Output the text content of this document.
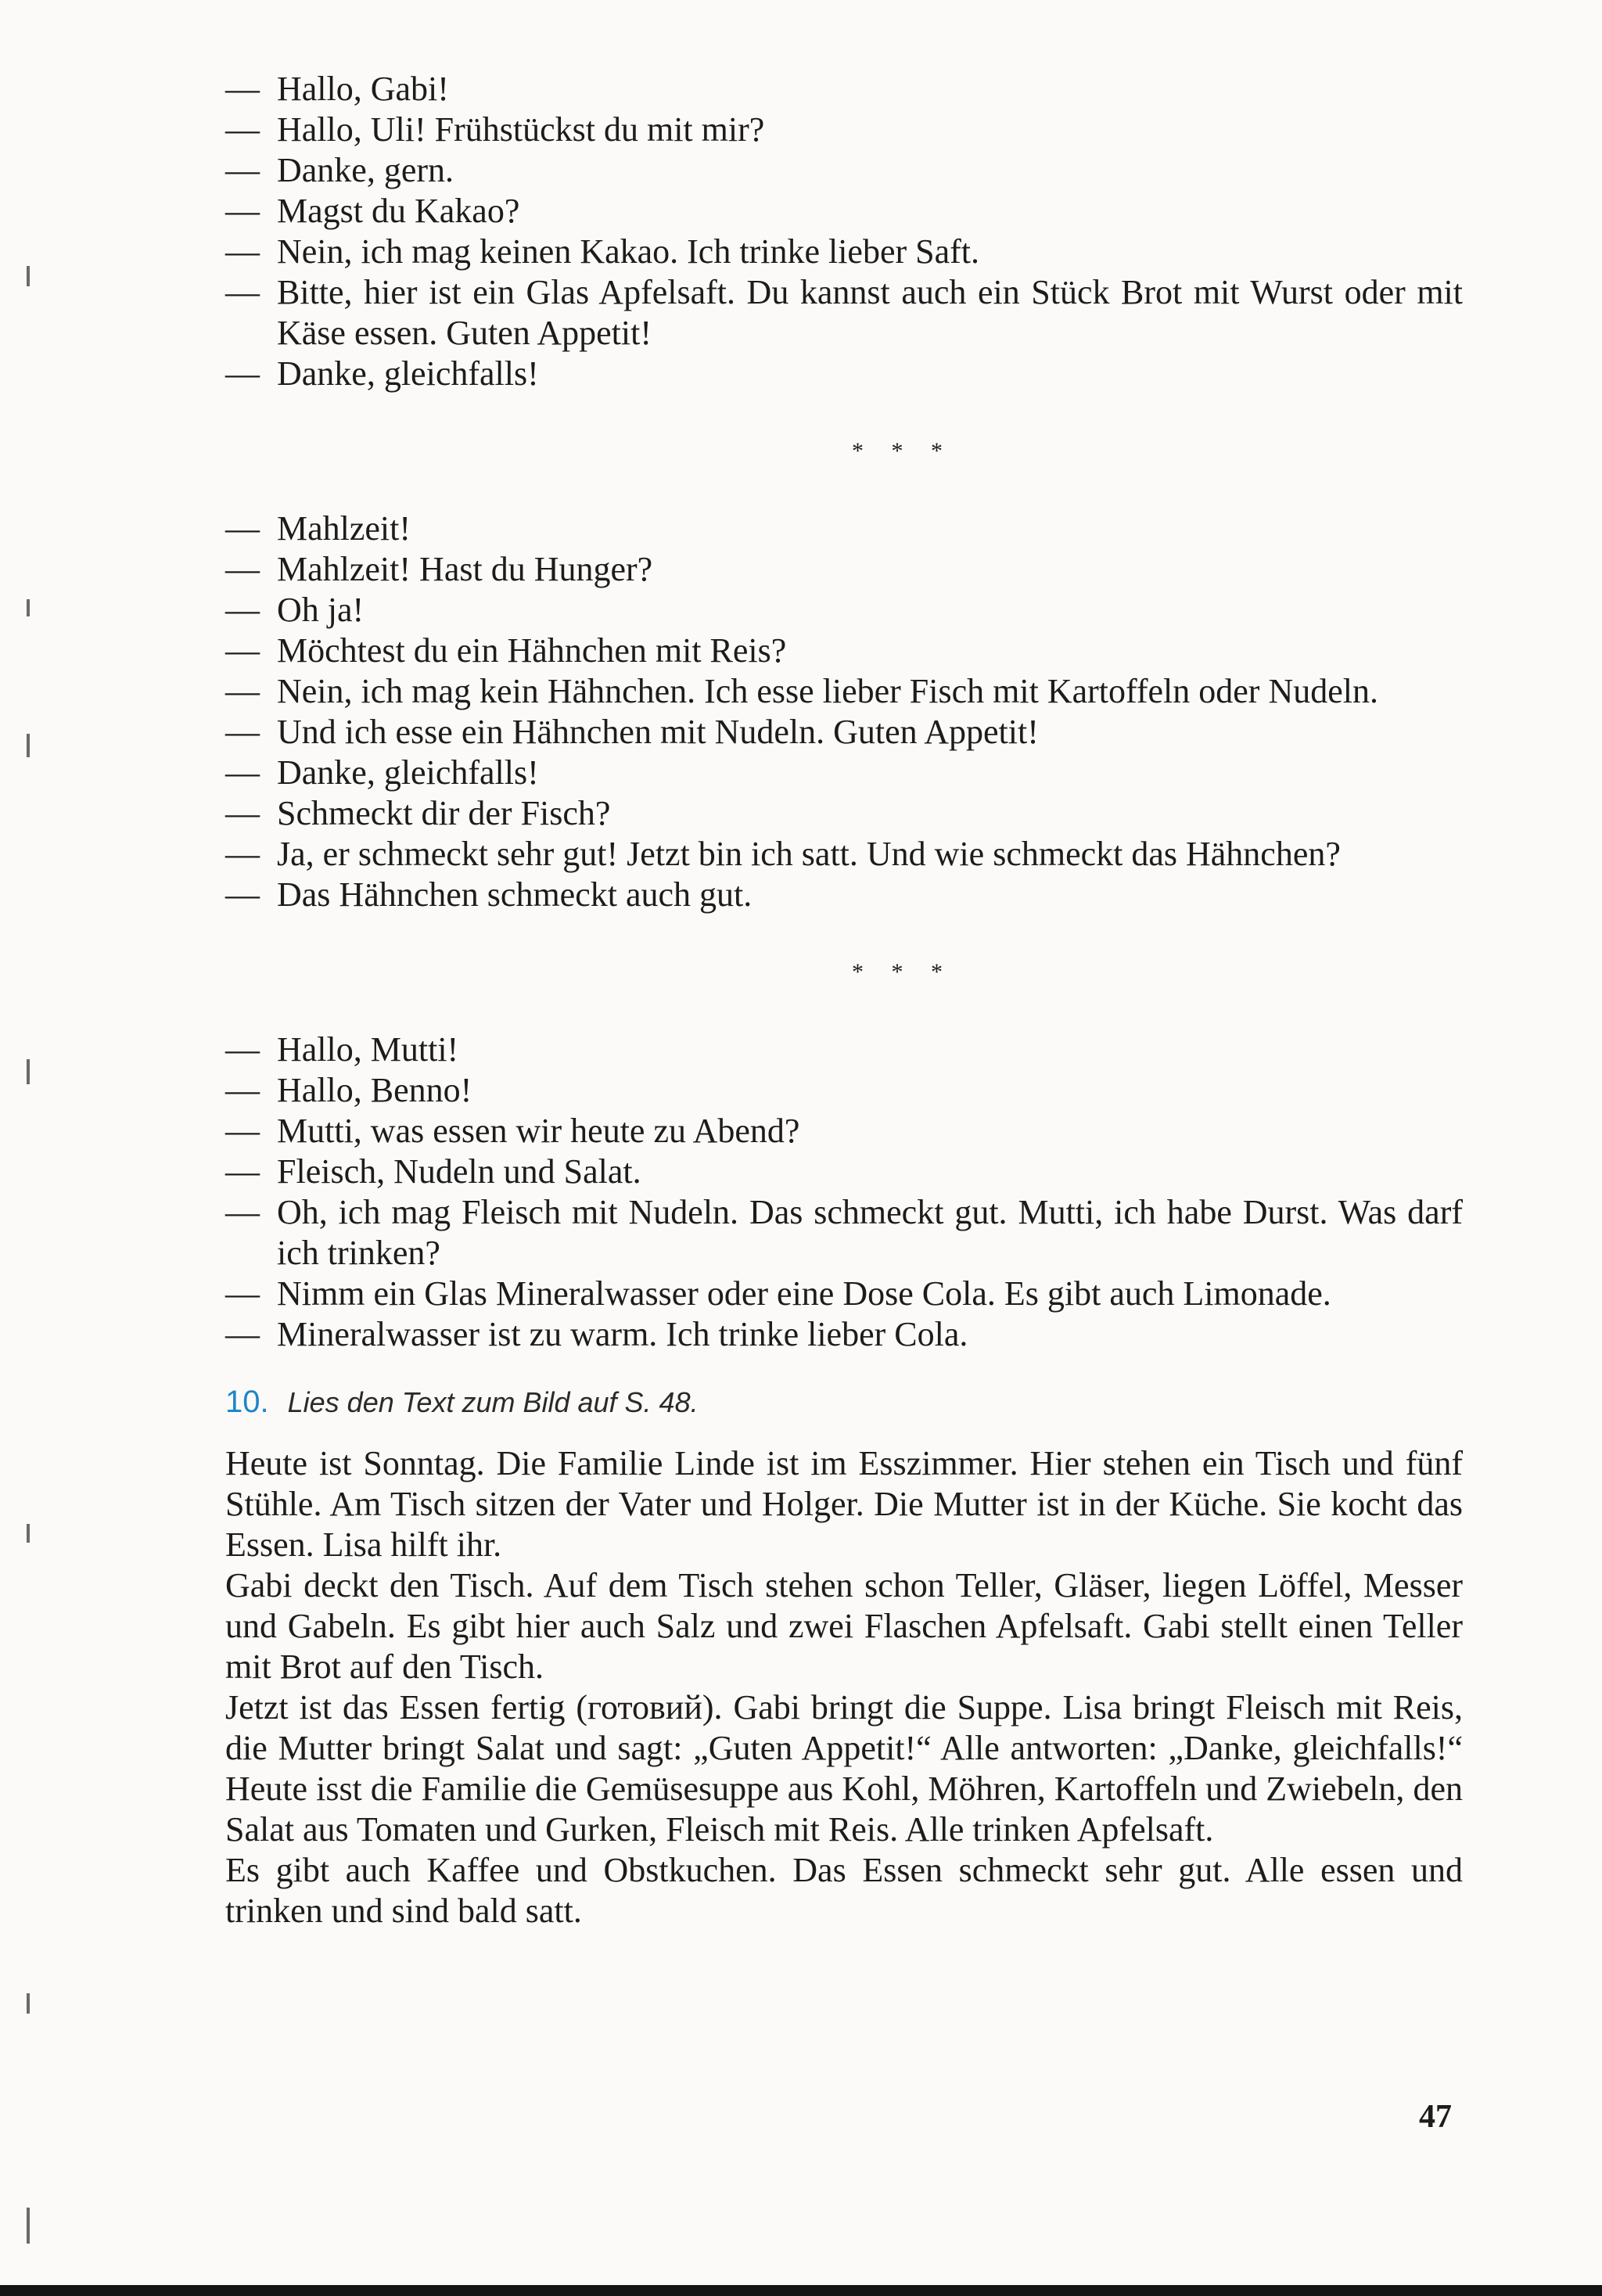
— Hallo, Gabi!

— Hallo, Uli! Frühstückst du mit mir?

— Danke, gern.

— Magst du Kakao?

— Nein, ich mag keinen Kakao. Ich trinke lieber Saft.

— Bitte, hier ist ein Glas Apfelsaft. Du kannst auch ein Stück Brot mit Wurst oder mit Käse essen. Guten Appetit!

— Danke, gleichfalls!

* * *

— Mahlzeit!

— Mahlzeit! Hast du Hunger?

— Oh ja!

— Möchtest du ein Hähnchen mit Reis?

— Nein, ich mag kein Hähnchen. Ich esse lieber Fisch mit Kartoffeln oder Nudeln.

— Und ich esse ein Hähnchen mit Nudeln. Guten Appetit!

— Danke, gleichfalls!

— Schmeckt dir der Fisch?

— Ja, er schmeckt sehr gut! Jetzt bin ich satt. Und wie schmeckt das Hähnchen?

— Das Hähnchen schmeckt auch gut.

* * *

— Hallo, Mutti!

— Hallo, Benno!

— Mutti, was essen wir heute zu Abend?

— Fleisch, Nudeln und Salat.

— Oh, ich mag Fleisch mit Nudeln. Das schmeckt gut. Mutti, ich habe Durst. Was darf ich trinken?

— Nimm ein Glas Mineralwasser oder eine Dose Cola. Es gibt auch Limonade.

— Mineralwasser ist zu warm. Ich trinke lieber Cola.

10. Lies den Text zum Bild auf S. 48.

Heute ist Sonntag. Die Familie Linde ist im Esszimmer. Hier stehen ein Tisch und fünf Stühle. Am Tisch sitzen der Vater und Holger. Die Mutter ist in der Küche. Sie kocht das Essen. Lisa hilft ihr.

Gabi deckt den Tisch. Auf dem Tisch stehen schon Teller, Gläser, liegen Löffel, Messer und Gabeln. Es gibt hier auch Salz und zwei Flaschen Apfelsaft. Gabi stellt einen Teller mit Brot auf den Tisch.

Jetzt ist das Essen fertig (готовий). Gabi bringt die Suppe. Lisa bringt Fleisch mit Reis, die Mutter bringt Salat und sagt: „Guten Appetit!“ Alle antworten: „Danke, gleichfalls!“ Heute isst die Familie die Gemüsesuppe aus Kohl, Möhren, Kartoffeln und Zwiebeln, den Salat aus Tomaten und Gurken, Fleisch mit Reis. Alle trinken Apfelsaft.

Es gibt auch Kaffee und Obstkuchen. Das Essen schmeckt sehr gut. Alle essen und trinken und sind bald satt.

47
